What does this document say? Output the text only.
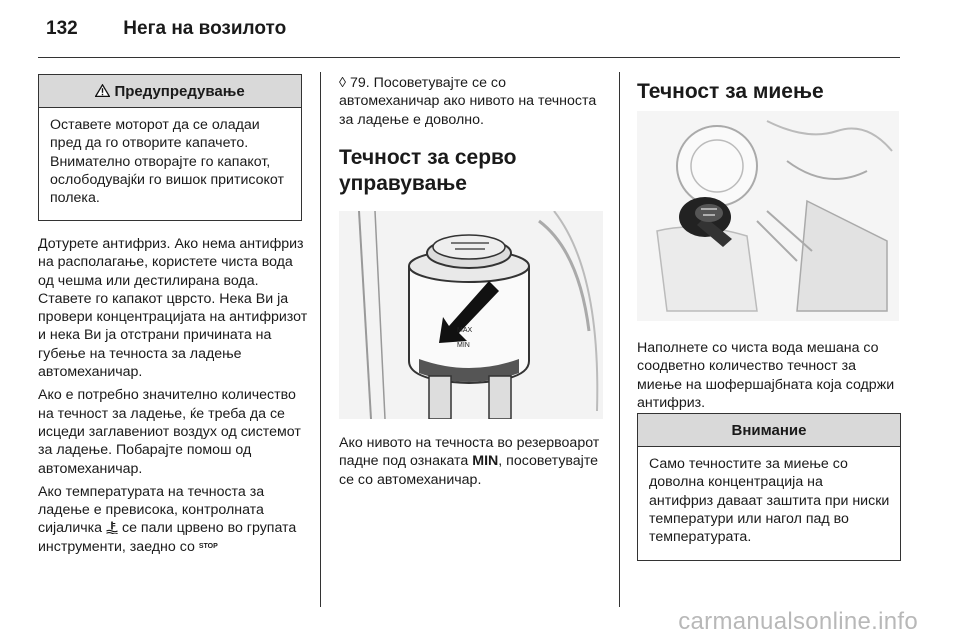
132 Нега на возилото
Предупредување
Оставете моторот да се оладаи пред да го отворите капачето. Внимателно отворајте го капакот, ослободувајќи го вишок притисокот полека.

Дотурете антифриз. Ако нема антифриз на располагање, користете чиста вода од чешма или дестилирана вода. Ставете го капакот цврсто. Нека Ви ја провери концентрацијата на антифризот и нека Ви ја отстрани причината на губење на течноста за ладење автомеханичар.

Ако е потребно значително количество на течност за ладење, ќе треба да се исцеди заглавениот воздух од системот за ладење. Побарајте помош од автомеханичар.

Ако температурата на течноста за ладење е превисока, контролната сијаличка се пали црвено во групата инструменти, заедно со STOP

◊ 79. Посоветувајте се со автомеханичар ако нивото на течноста за ладење е доволно.

Течност за серво управување
MAX
MIN

Ако нивото на течноста во резервоарот падне под ознаката MIN, посоветувајте се со автомеханичар.

Течност за миење

Наполнете со чиста вода мешана со соодветно количество течност за миење на шофершајбната која содржи антифриз.

Внимание
Само течностите за миење со доволна концентрација на антифриз даваат заштита при ниски температури или нагол пад во температурата.
carmanualsonline.info
